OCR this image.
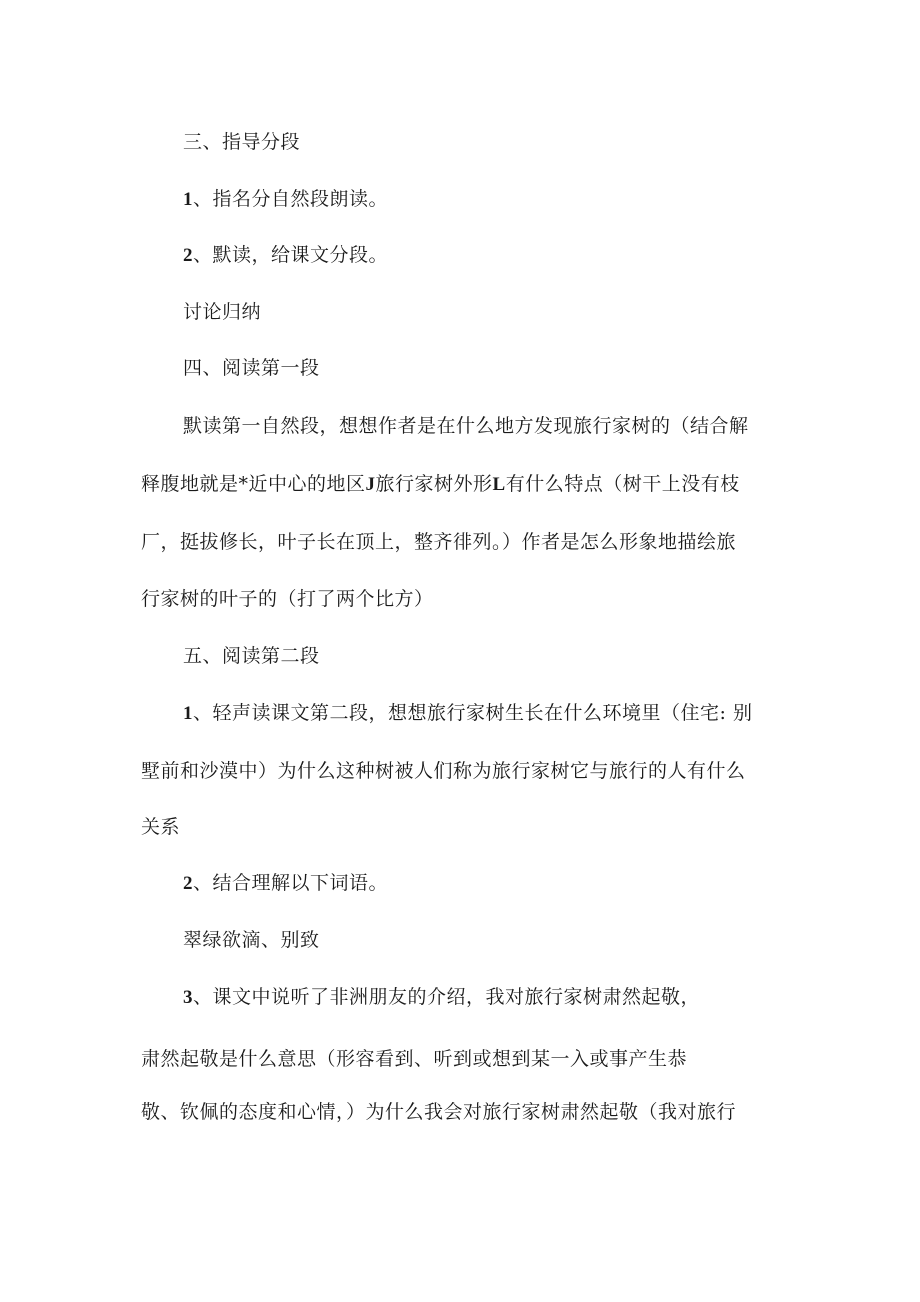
三、指导分段
1、指名分自然段朗读。
2、默读，给课文分段。
讨论归纳
四、阅读第一段
默读第一自然段，想想作者是在什么地方发现旅行家树的（结合解
释腹地就是*近中心的地区J旅行家树外形L有什么特点（树干上没有枝
厂，挺拔修长，叶子长在顶上，整齐徘列。）作者是怎么形象地描绘旅
行家树的叶子的（打了两个比方）
五、阅读第二段
1、轻声读课文第二段，想想旅行家树生长在什么环境里（住宅: 别
墅前和沙漠中）为什么这种树被人们称为旅行家树它与旅行的人有什么
关系
2、结合理解以下词语。
翠绿欲滴、别致
3、课文中说听了非洲朋友的介绍，我对旅行家树肃然起敬，
肃然起敬是什么意思（形容看到、听到或想到某一入或事产生恭
敬、钦佩的态度和心情，）为什么我会对旅行家树肃然起敬（我对旅行
